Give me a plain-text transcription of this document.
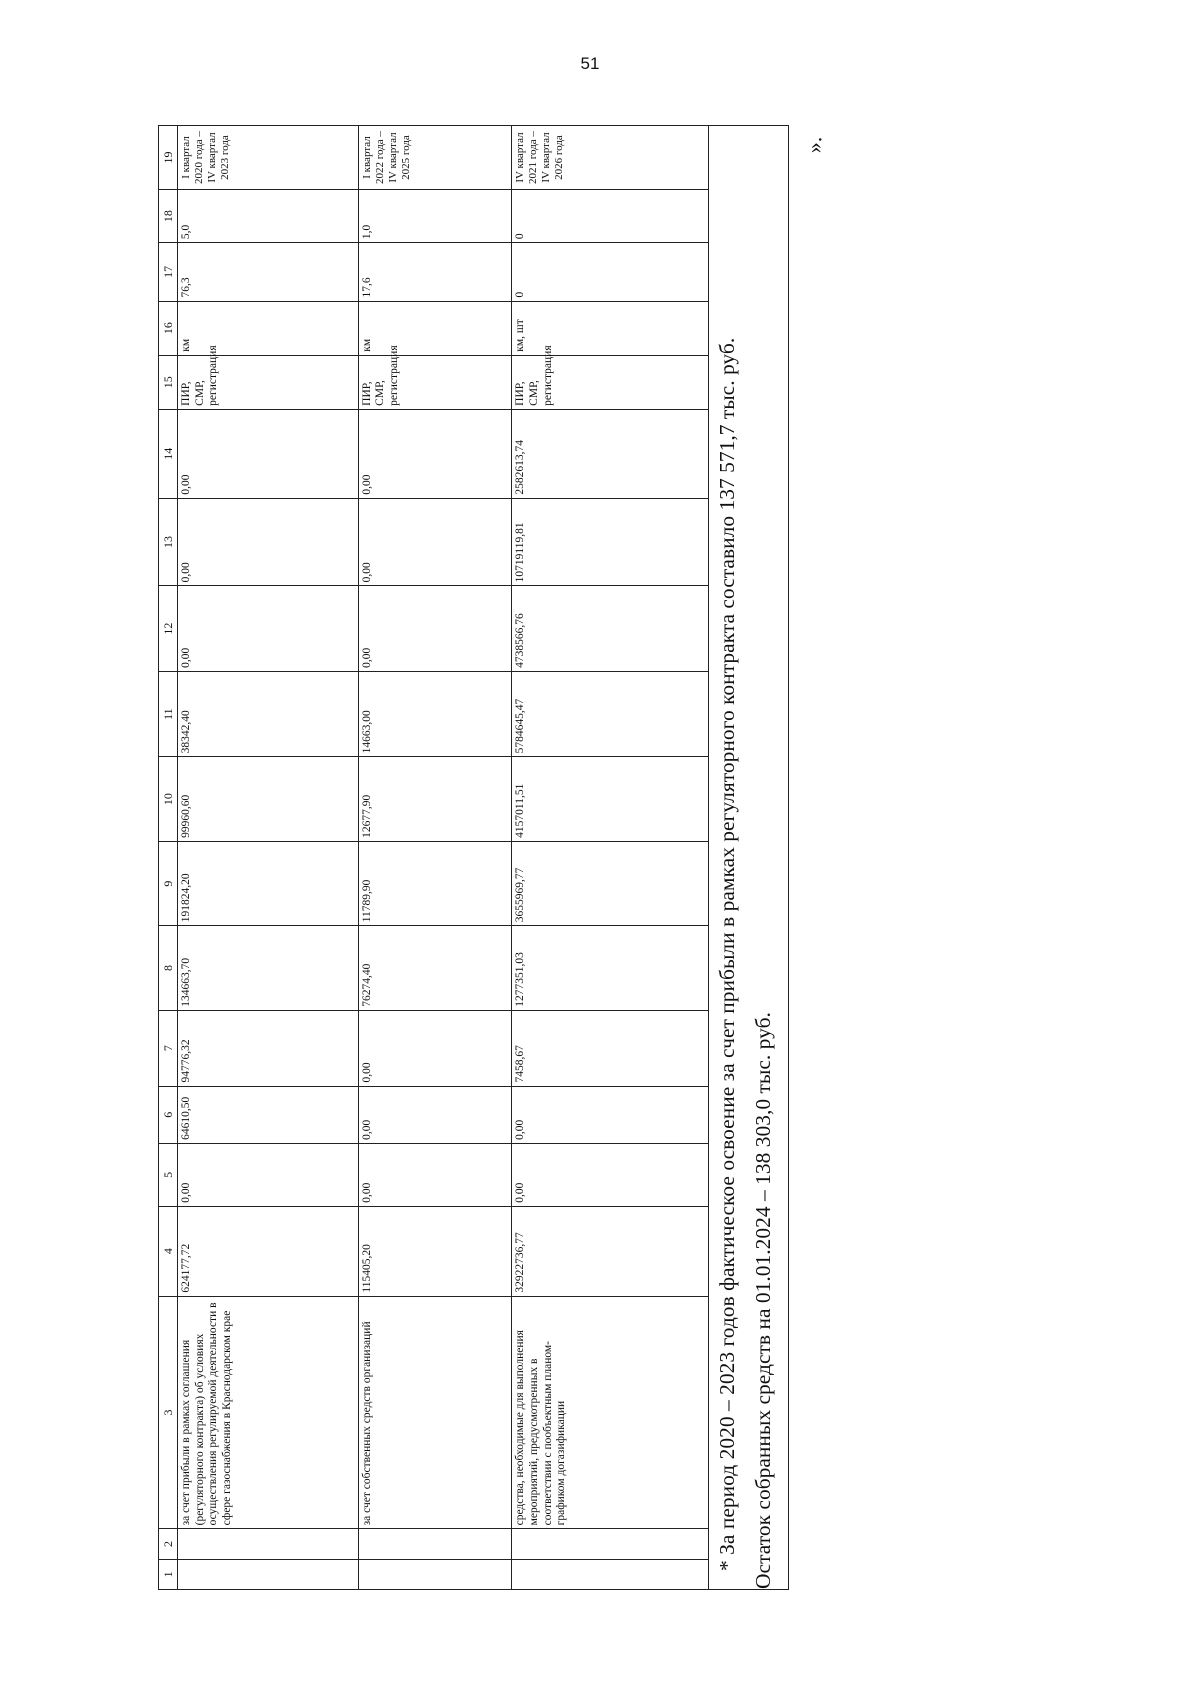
51
».
1	2	3	4	5	6	7	8	9	10	11	12	13	14	15	16	17	18	19
		за счет прибыли в рамках соглашения (регуляторного контракта) об условиях осуществления регулируемой деятельности в сфере газоснабжения в Краснодарском крае	624177,72	0,00	64610,50	94776,32	134663,70	191824,20	99960,60	38342,40	0,00	0,00	0,00	ПИР, СМР, регистрация	км	76,3	5,0	I квартал 2020 года – IV квартал 2023 года
		за счет собственных средств организаций	115405,20	0,00	0,00	0,00	76274,40	11789,90	12677,90	14663,00	0,00	0,00	0,00	ПИР, СМР, регистрация	км	17,6	1,0	I квартал 2022 года – IV квартал 2025 года
		средства, необходимые для выполнения мероприятий, предусмотренных в соответствии с пообъектным планом-графиком догазификации	32922736,77	0,00	0,00	7458,67	1277351,03	3655969,77	4157011,51	5784645,47	4738566,76	10719119,81	2582613,74	ПИР, СМР, регистрация	км, шт	0	0	IV квартал 2021 года – IV квартал 2026 года
* За период 2020 – 2023 годов фактическое освоение за счет прибыли в рамках регуляторного контракта составило 137 571,7 тыс. руб. Остаток собранных средств на 01.01.2024 – 138 303,0 тыс. руб.
